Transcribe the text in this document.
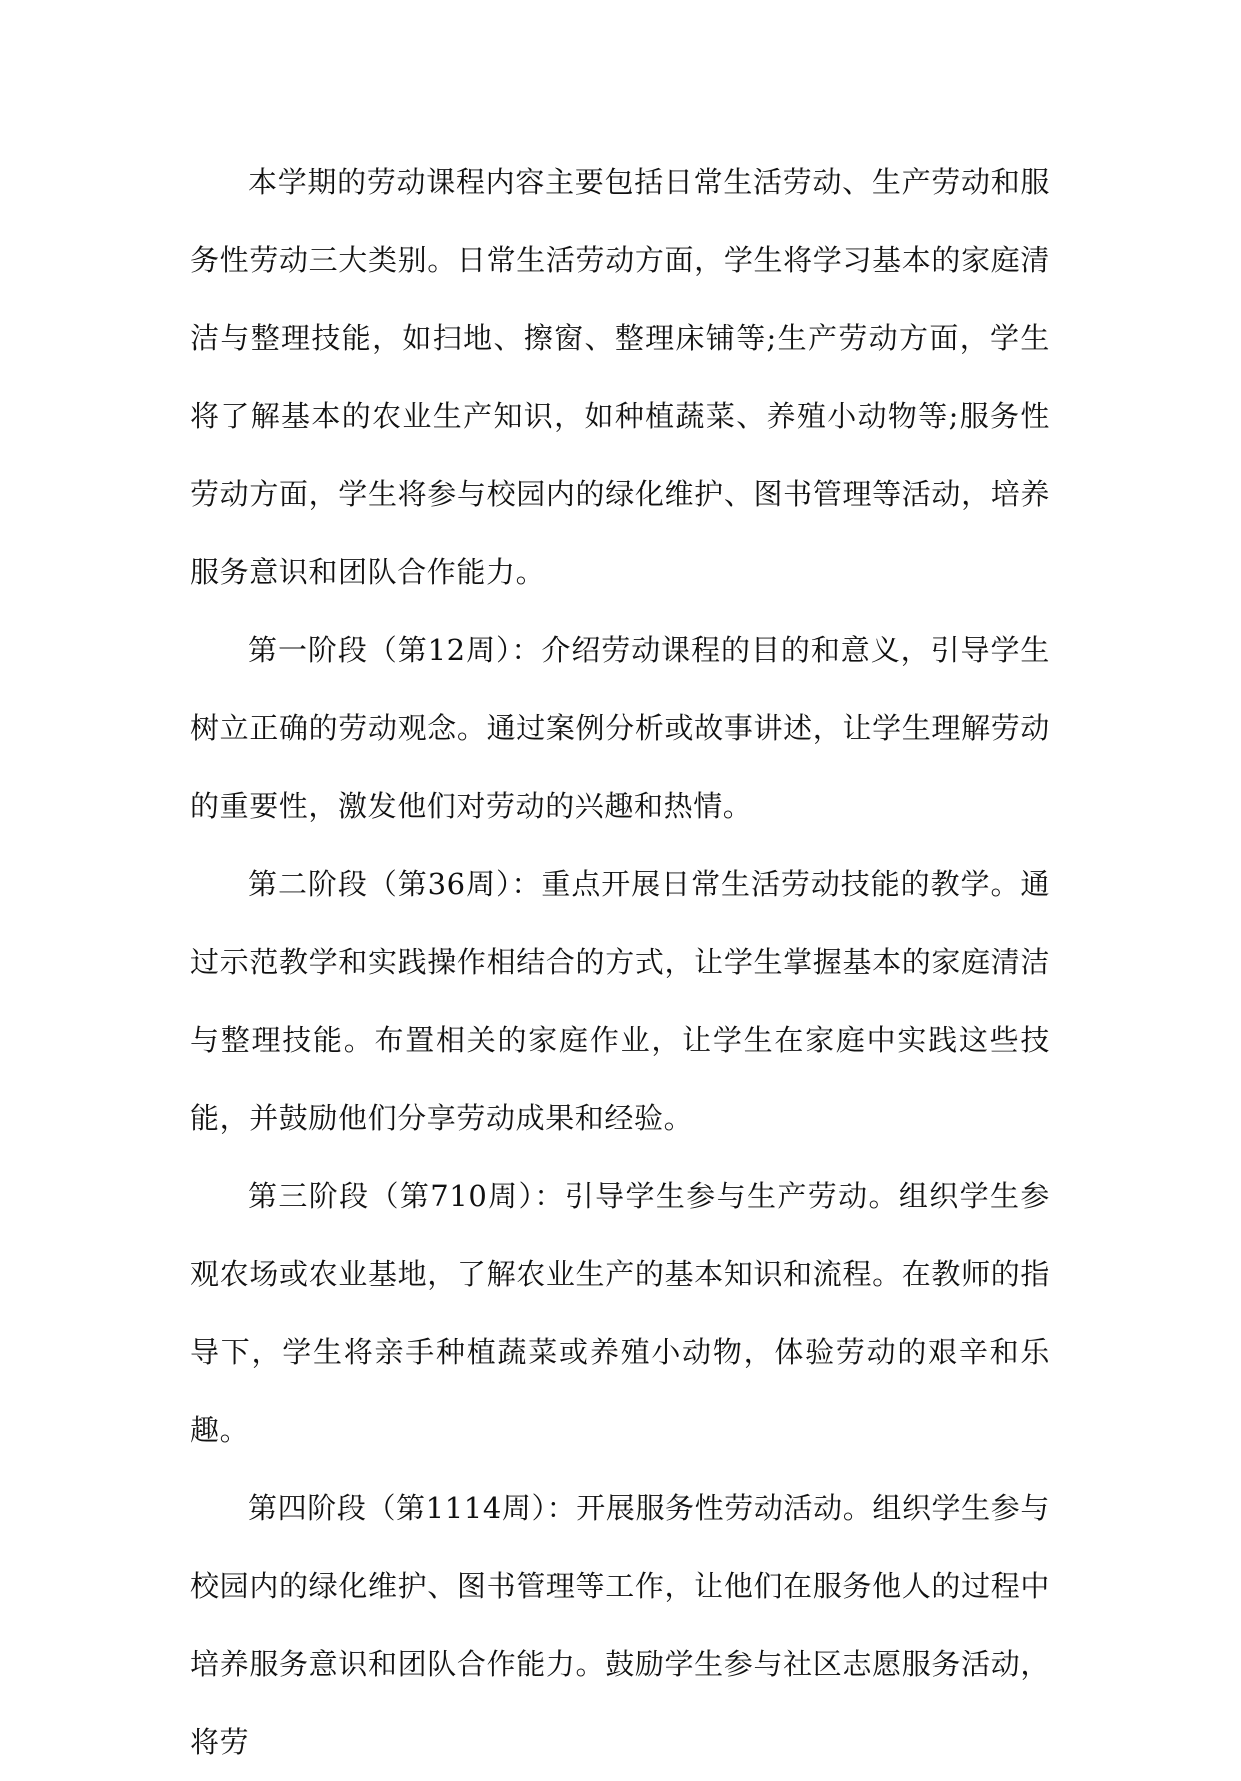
本学期的劳动课程内容主要包括日常生活劳动、生产劳动和服务性劳动三大类别。日常生活劳动方面，学生将学习基本的家庭清洁与整理技能，如扫地、擦窗、整理床铺等;生产劳动方面，学生将了解基本的农业生产知识，如种植蔬菜、养殖小动物等;服务性劳动方面，学生将参与校园内的绿化维护、图书管理等活动，培养服务意识和团队合作能力。

第一阶段（第12周）：介绍劳动课程的目的和意义，引导学生树立正确的劳动观念。通过案例分析或故事讲述，让学生理解劳动的重要性，激发他们对劳动的兴趣和热情。

第二阶段（第36周）：重点开展日常生活劳动技能的教学。通过示范教学和实践操作相结合的方式，让学生掌握基本的家庭清洁与整理技能。布置相关的家庭作业，让学生在家庭中实践这些技能，并鼓励他们分享劳动成果和经验。

第三阶段（第710周）：引导学生参与生产劳动。组织学生参观农场或农业基地，了解农业生产的基本知识和流程。在教师的指导下，学生将亲手种植蔬菜或养殖小动物，体验劳动的艰辛和乐趣。

第四阶段（第1114周）：开展服务性劳动活动。组织学生参与校园内的绿化维护、图书管理等工作，让他们在服务他人的过程中培养服务意识和团队合作能力。鼓励学生参与社区志愿服务活动，将劳
